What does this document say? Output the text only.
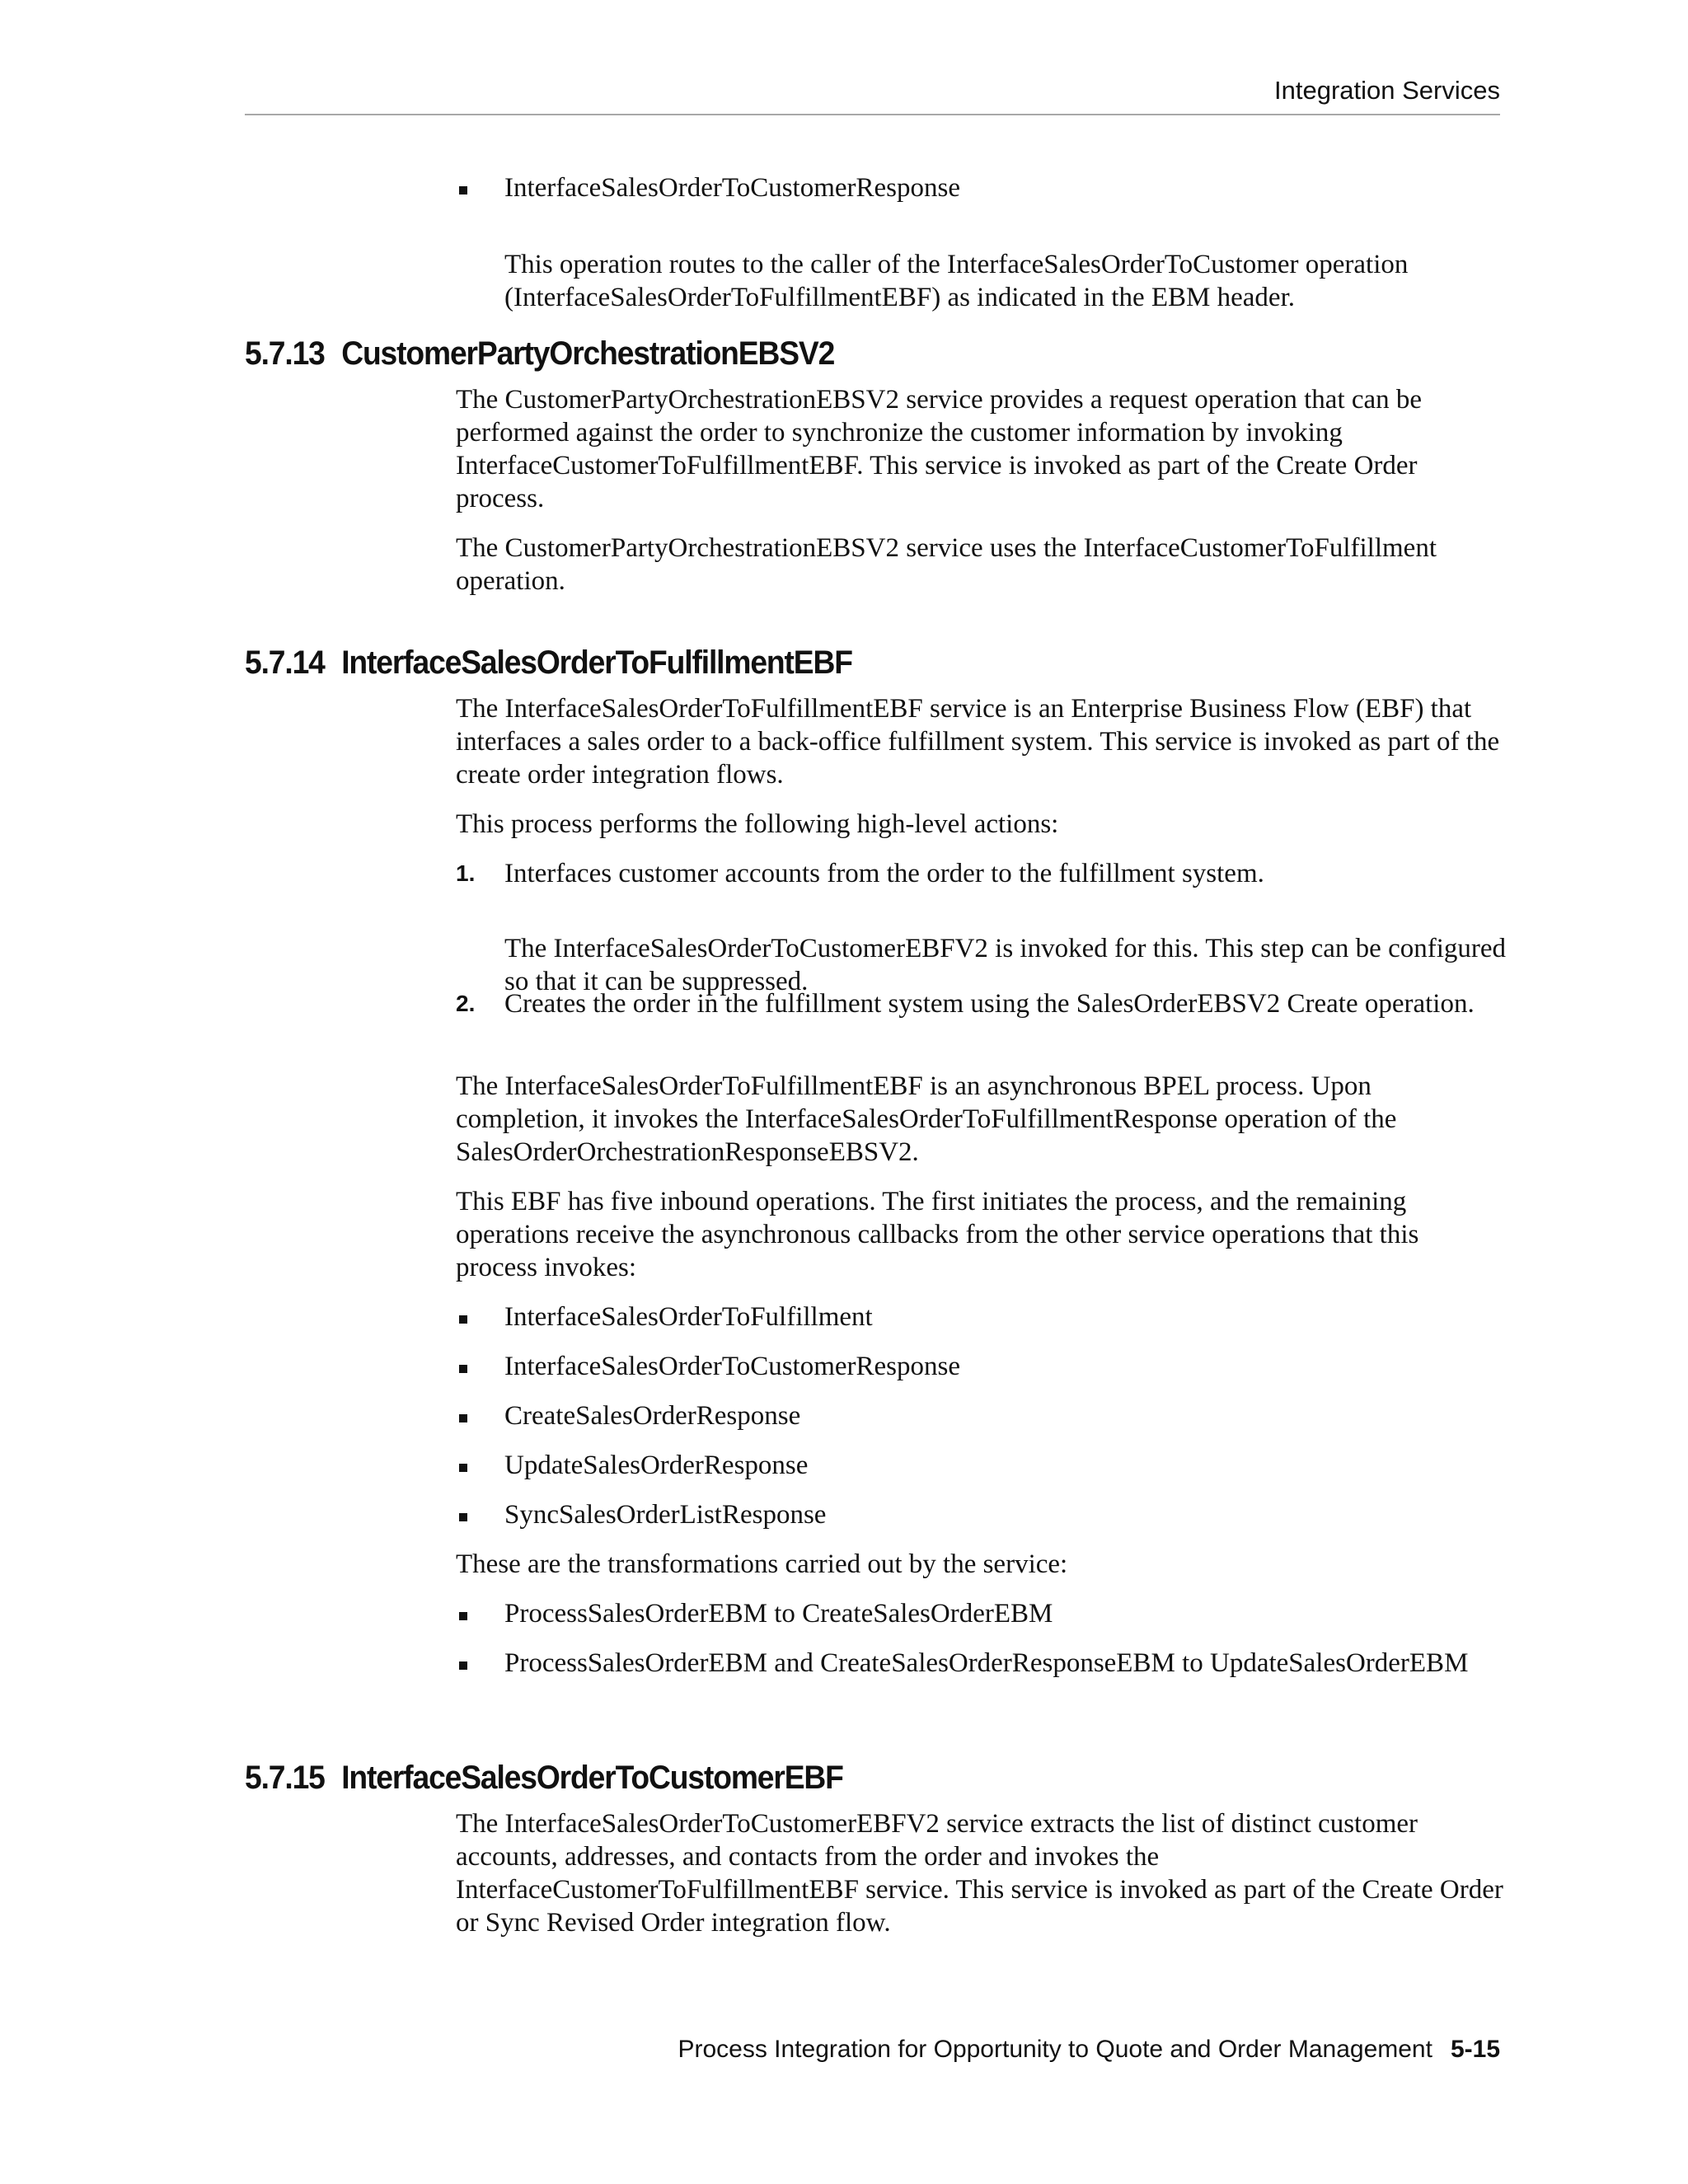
Integration Services
InterfaceSalesOrderToCustomerResponse

This operation routes to the caller of the InterfaceSalesOrderToCustomer operation (InterfaceSalesOrderToFulfillmentEBF) as indicated in the EBM header.

5.7.13 CustomerPartyOrchestrationEBSV2

The CustomerPartyOrchestrationEBSV2 service provides a request operation that can be performed against the order to synchronize the customer information by invoking InterfaceCustomerToFulfillmentEBF. This service is invoked as part of the Create Order process.

The CustomerPartyOrchestrationEBSV2 service uses the InterfaceCustomerToFulfillment operation.

5.7.14 InterfaceSalesOrderToFulfillmentEBF

The InterfaceSalesOrderToFulfillmentEBF service is an Enterprise Business Flow (EBF) that interfaces a sales order to a back-office fulfillment system. This service is invoked as part of the create order integration flows.

This process performs the following high-level actions:

1. Interfaces customer accounts from the order to the fulfillment system.

The InterfaceSalesOrderToCustomerEBFV2 is invoked for this. This step can be configured so that it can be suppressed.

2. Creates the order in the fulfillment system using the SalesOrderEBSV2 Create operation.

The InterfaceSalesOrderToFulfillmentEBF is an asynchronous BPEL process. Upon completion, it invokes the InterfaceSalesOrderToFulfillmentResponse operation of the SalesOrderOrchestrationResponseEBSV2.

This EBF has five inbound operations. The first initiates the process, and the remaining operations receive the asynchronous callbacks from the other service operations that this process invokes:

InterfaceSalesOrderToFulfillment
InterfaceSalesOrderToCustomerResponse
CreateSalesOrderResponse
UpdateSalesOrderResponse
SyncSalesOrderListResponse

These are the transformations carried out by the service:

ProcessSalesOrderEBM to CreateSalesOrderEBM
ProcessSalesOrderEBM and CreateSalesOrderResponseEBM to UpdateSalesOrderEBM
5.7.15 InterfaceSalesOrderToCustomerEBF

The InterfaceSalesOrderToCustomerEBFV2 service extracts the list of distinct customer accounts, addresses, and contacts from the order and invokes the InterfaceCustomerToFulfillmentEBF service. This service is invoked as part of the Create Order or Sync Revised Order integration flow.

Process Integration for Opportunity to Quote and Order Management 5-15
